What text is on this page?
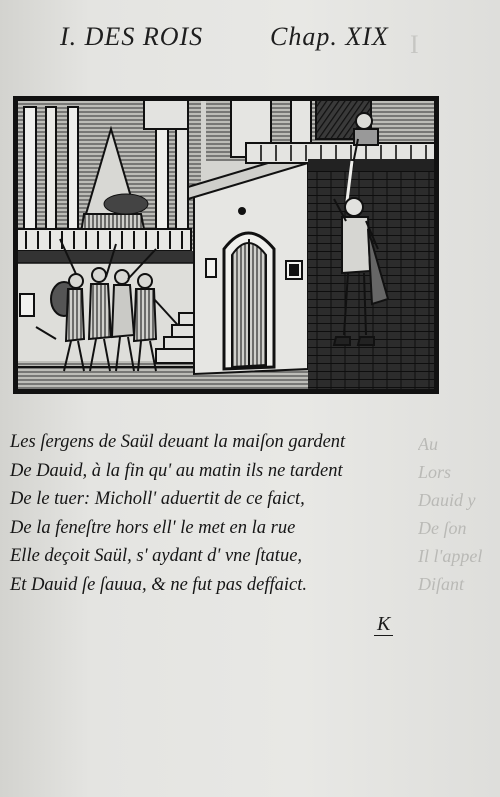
I. DES ROIS	Chap. XIX I
Les ſergens de Saül deuant la maiſon gardent
De Dauid, à la fin qu' au matin ils ne tardent
De le tuer: Micholl' aduertit de ce faict,
De la feneſtre hors ell' le met en la rue
Elle deçoit Saül, s' aydant d' vne ſtatue,
Et Dauid ſe ſauua, & ne fut pas deffaict.
Au
Lors
Dauid y
De ſon
Il l'appel
Diſant
K
